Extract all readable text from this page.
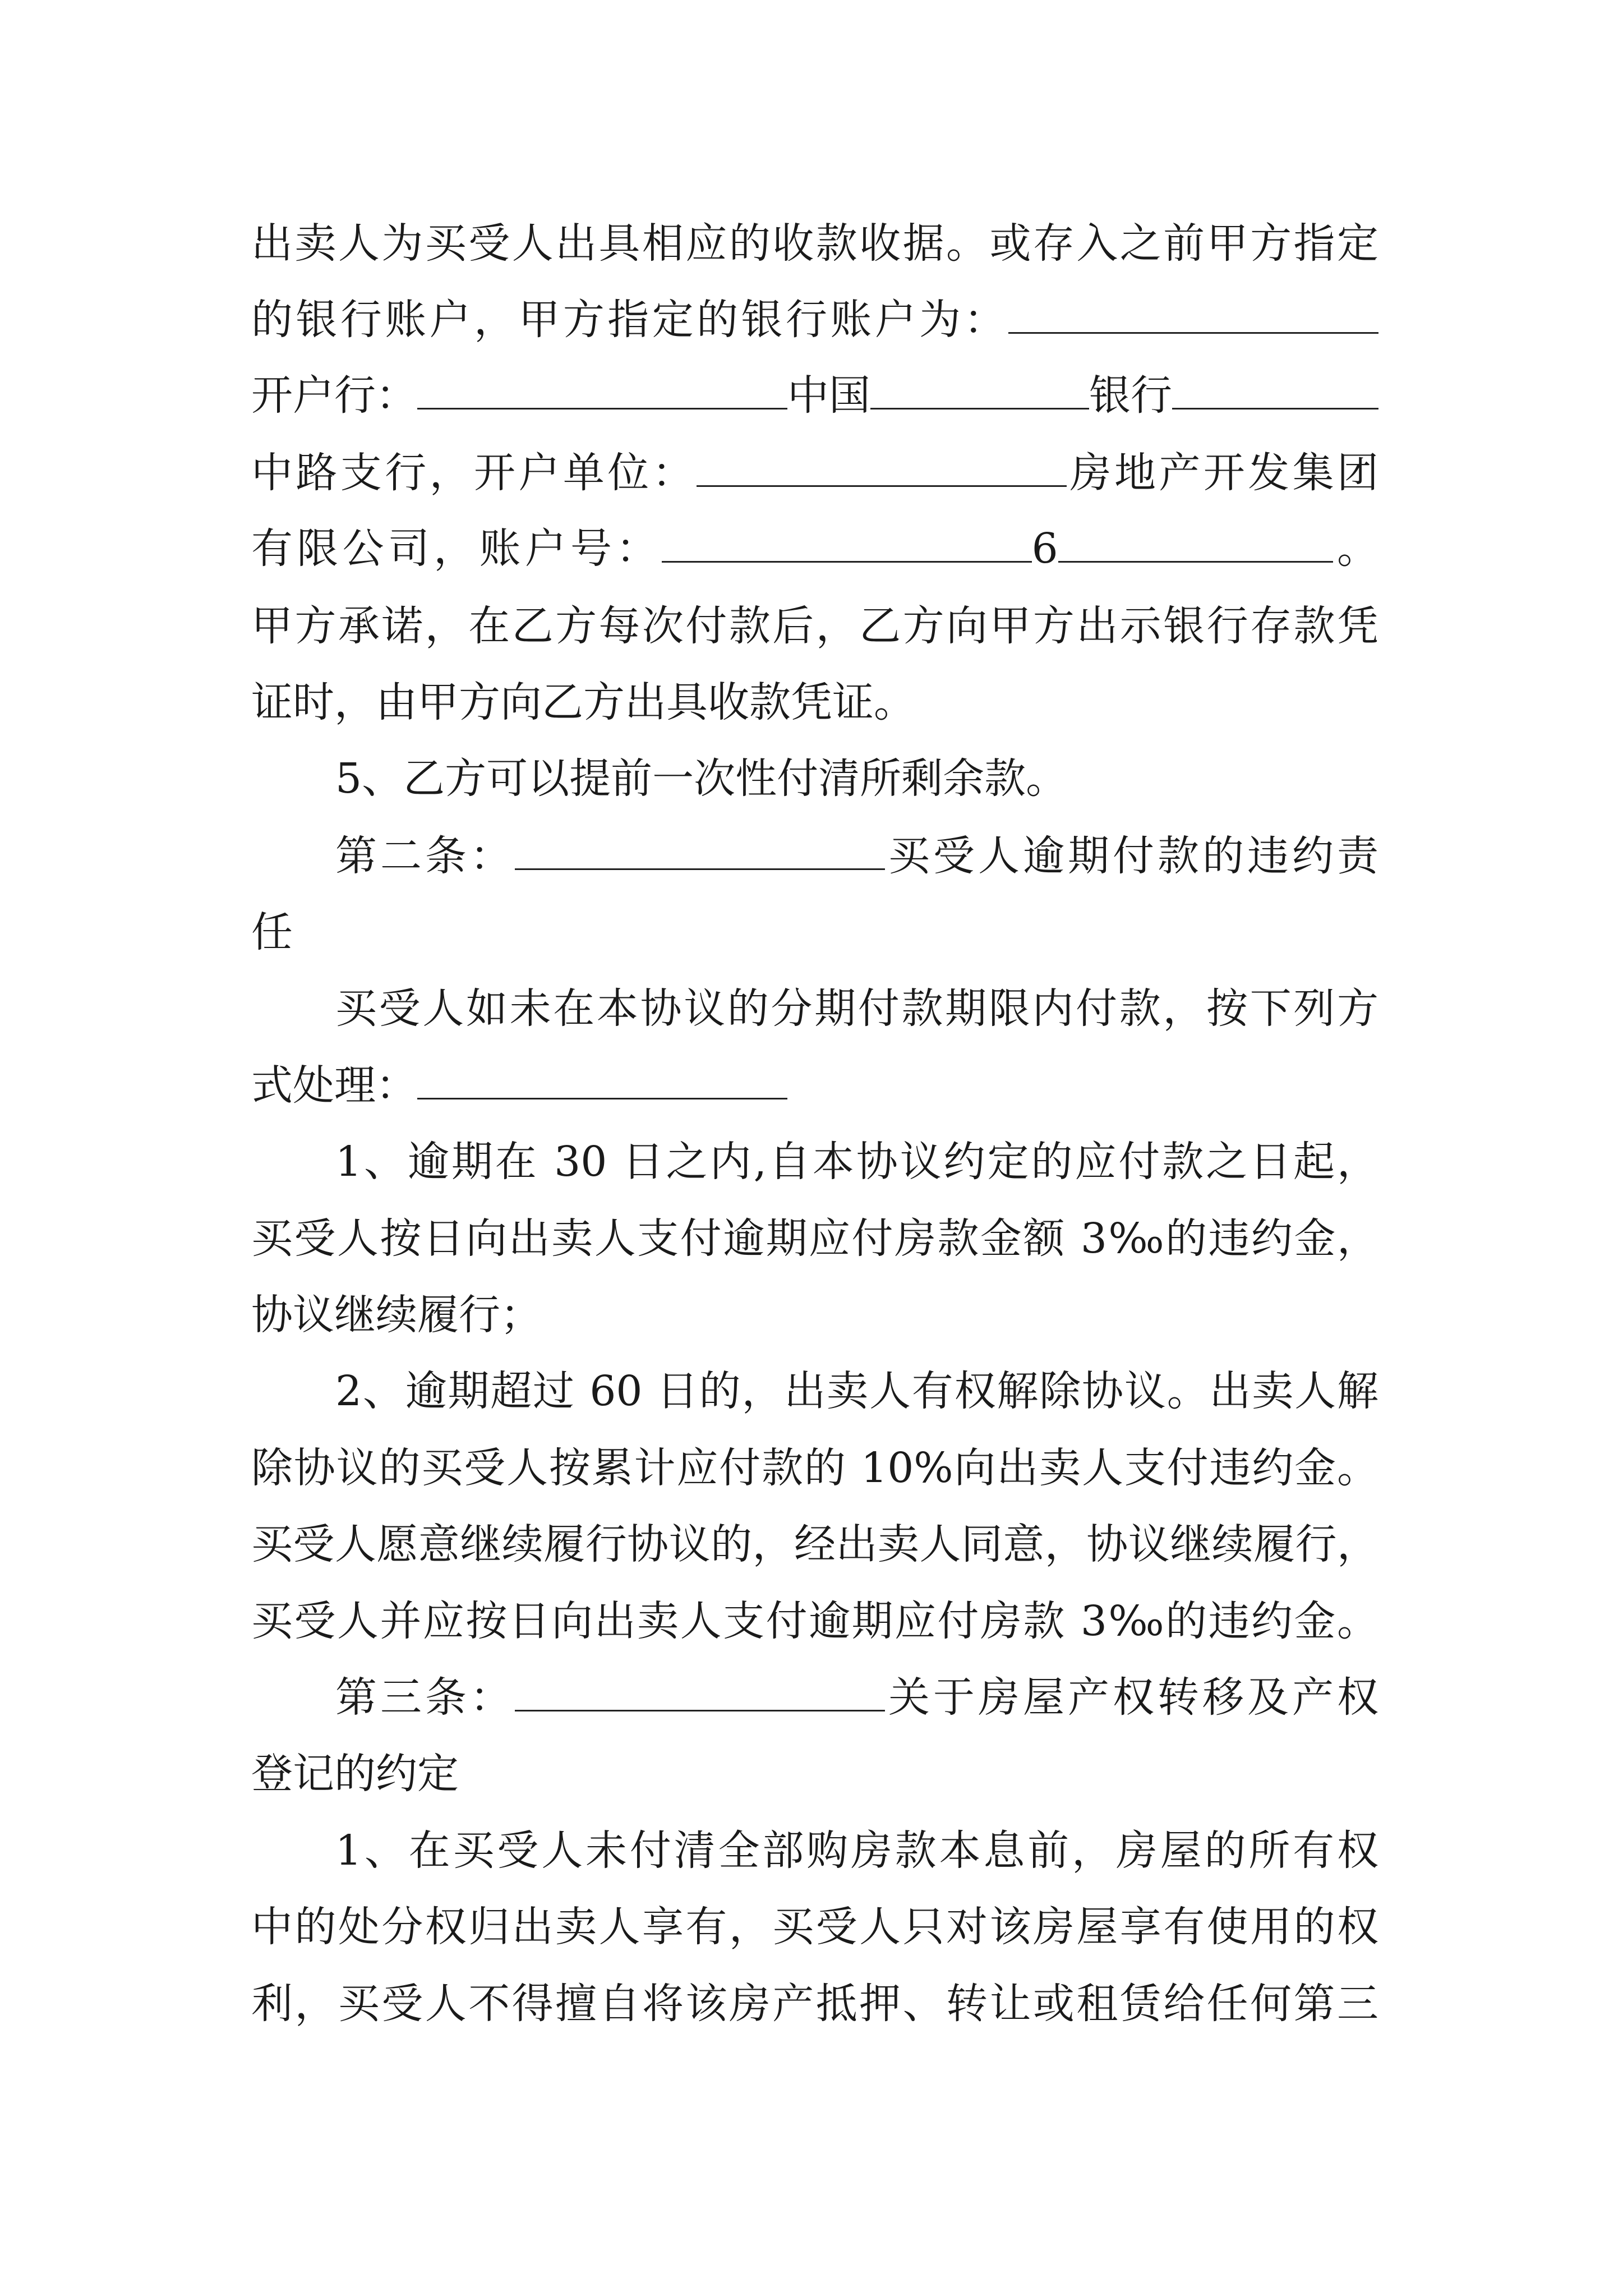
出卖人为买受人出具相应的收款收据。或存入之前甲方指定
的银行账户，甲方指定的银行账户为：
开户行：	中国	银行
中路支行，开户单位：	房地产开发集团
有限公司，账户号：	6	。
甲方承诺，在乙方每次付款后，乙方向甲方出示银行存款凭
证时，由甲方向乙方出具收款凭证。
5、乙方可以提前一次性付清所剩余款。
第二条：	买受人逾期付款的违约责
任
买受人如未在本协议的分期付款期限内付款，按下列方
式处理：
1、逾期在 30 日之内,自本协议约定的应付款之日起，
买受人按日向出卖人支付逾期应付房款金额 3‰的违约金，
协议继续履行；
2、逾期超过 60 日的，出卖人有权解除协议。出卖人解
除协议的买受人按累计应付款的 10%向出卖人支付违约金。
买受人愿意继续履行协议的，经出卖人同意，协议继续履行，
买受人并应按日向出卖人支付逾期应付房款 3‰的违约金。
第三条：	关于房屋产权转移及产权
登记的约定
1、在买受人未付清全部购房款本息前，房屋的所有权
中的处分权归出卖人享有，买受人只对该房屋享有使用的权
利，买受人不得擅自将该房产抵押、转让或租赁给任何第三
